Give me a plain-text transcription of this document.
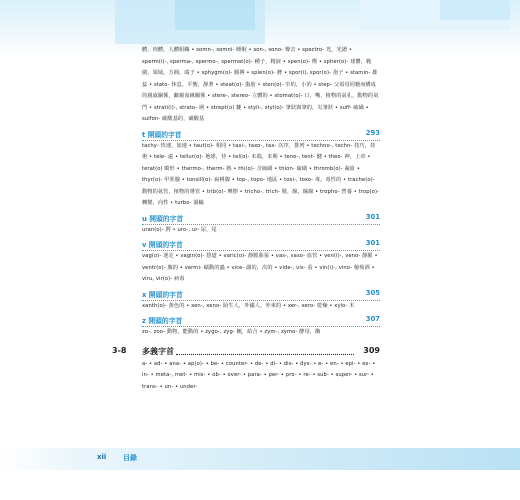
體，肉體，人體組織 • somn-, somni- 睡眠 • son-, sono- 聲音 • spectro- 光，光譜 • sperm(i)-, sperma-, spermo-, spermat(o)- 種子，精液 • spen(o)- 楔 • spher(o)- 球體，範圍，領域，方圓，端子 • sphygm(o)- 脈搏 • splen(o)- 脾 • spor(i), spor(o)- 孢子 • stamin- 雄蕊 • stato- 休息，平衡，靜著 • steat(o)- 脂肪 • sten(o)- 窄的，小的 • step- 父須母同籍而構成的親戚關係，繼親血緣關係 • stere-, stereo- 立體的 • stomat(o)- 口，嘴，植物的氣孔，動物的氣門 • strati(i)-, strato- 層 • strept(o) 鏈 • styli-, styl(o)- 筆狀與筆的，尖筆狀 • suff- 硫磺 • sulfon- 碳酸基的，磺酸基
t 開頭的字首	293
tachy- 快速，加速 • taut(o)- 相同 • taxi-, taxo-, tax- 次序，排列 • techno-, techn- 技巧，技術 • tele- 遠 • tellur(o)- 地球，待 • tel(o)- 末端，末期 • teno-, tent- 腱 • theo- 神，上帝 • terat(o) 畸形 • thermo-, therm- 熱 • thi(o)- 含硫磺 • thion- 硫磺 • thromb(o)- 凝血 • thyr(o)- 甲狀腺 • tonsill(o)- 扁桃腺 • top-, topo- 地區 • toxi-, toxo- 毒，毒性的 • trache(o)- 動物的氣管，植物的導管 • trib(o)- 摩擦 • tricho-, trich- 髮，線，絲線 • tropho- 營養 • trop(o)- 轉變，向性 • turbo- 渦輪
u 開頭的字首	301
uran(o)- 腭 • uro-, ur- 尿，尾
v 開頭的字首	301
vag(o)- 迷走 • vagin(o)- 陰道 • varic(o)- 靜脈曲張 • vas-, vaso- 血管 • ven(i)-, veno- 靜脈 • ventr(o)- 腹的 • vermi- 蠕動的蟲 • vice- 副的，次的 • vide-, vis- 看 • vin(i)-, vino- 葡萄酒 • viru, vir(o)- 病毒
x 開頭的字首	305
xanth(o)- 黃色的 • xen-, xeno- 陌生人，外國人，外來的 • xer-, xero- 乾燥 • xylo- 木
z 開頭的字首	307
zo-, zoo- 動物，能動的 • zygo-, zyg- 軛，結合 • zym-, zymo- 酵母，酶
3-8 多義字首	309
a- • ad- • ana- • ap(o)- • be- • counter- • de- • di- • dis- • dys- • e- • en- • epi- • ex- • in- • meta-, met- • mis- • ob- • over- • para- • per- • pro- • re- • sub- • super- • sur- • trans- • un- • under-
xii 目錄
